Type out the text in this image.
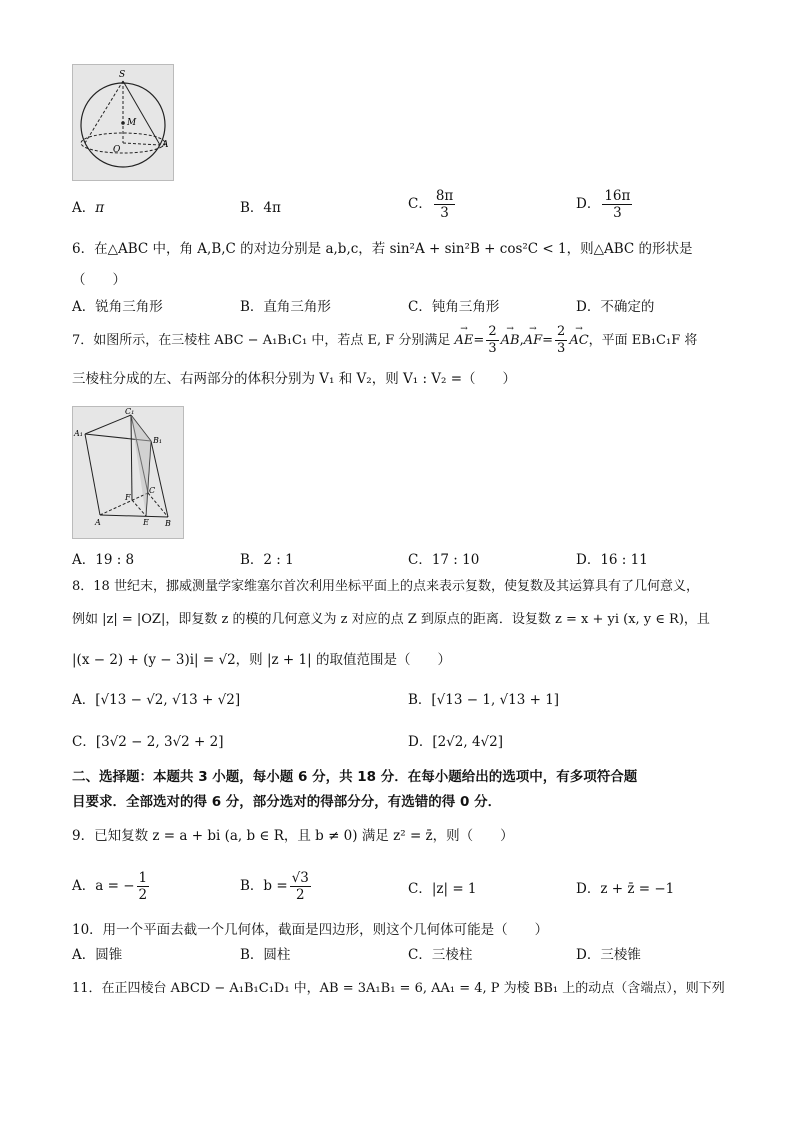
S
M
O	A
A．π	B．4π	C． $\frac{8\pi}{3}$	D． $\frac{16\pi}{3}$
6．在△ABC 中，角 A,B,C 的对边分别是 a,b,c，若 sin²A + sin²B + cos²C < 1，则△ABC 的形状是
（　　）
A．锐角三角形	B．直角三角形	C．钝角三角形	D．不确定的
7．如图所示，在三棱柱 ABC − A₁B₁C₁ 中，若点 E, F 分别满足 → $AE= \frac{2}{3}$
→ $AB,\to AF= \frac{2}{3}$
→ AC，平面 EB₁C₁F 将
三棱柱分成的左、右两部分的体积分别为 V₁ 和 V₂，则 V₁ : V₂ =（　　）
C₁
A₁
B₁
F
C
A	E B
A．19 : 8	B．2 : 1	C．17 : 10	D．16 : 11
8．18 世纪末，挪威测量学家维塞尔首次利用坐标平面上的点来表示复数，使复数及其运算具有了几何意义，
例如 |z| = |OZ|，即复数 z 的模的几何意义为 z 对应的点 Z 到原点的距离．设复数 z = x + yi (x, y ∈ R)，且
|(x − 2) + (y − 3)i| = √2，则 |z + 1| 的取值范围是（　　）
A．[√13 − √2, √13 + √2]	B．[√13 − 1, √13 + 1]
C．[3√2 − 2, 3√2 + 2]	D．[2√2, 4√2]
二、选择题：本题共 3 小题，每小题 6 分，共 18 分．在每小题给出的选项中，有多项符合题
目要求．全部选对的得 6 分，部分选对的得部分分，有选错的得 0 分．
9．已知复数 z = a + bi (a, b ∈ R，且 b ≠ 0) 满足 z² = z̄，则（　　）
A．a = − $\frac{1}{2}$	B．$b = \frac{√3}{2}$	C．|z| = 1	D．z + z̄ = −1
10．用一个平面去截一个几何体，截面是四边形，则这个几何体可能是（　　）
A．圆锥	B．圆柱	C．三棱柱	D．三棱锥
11．在正四棱台 ABCD − A₁B₁C₁D₁ 中，AB = 3A₁B₁ = 6, AA₁ = 4, P 为棱 BB₁ 上的动点（含端点），则下列
